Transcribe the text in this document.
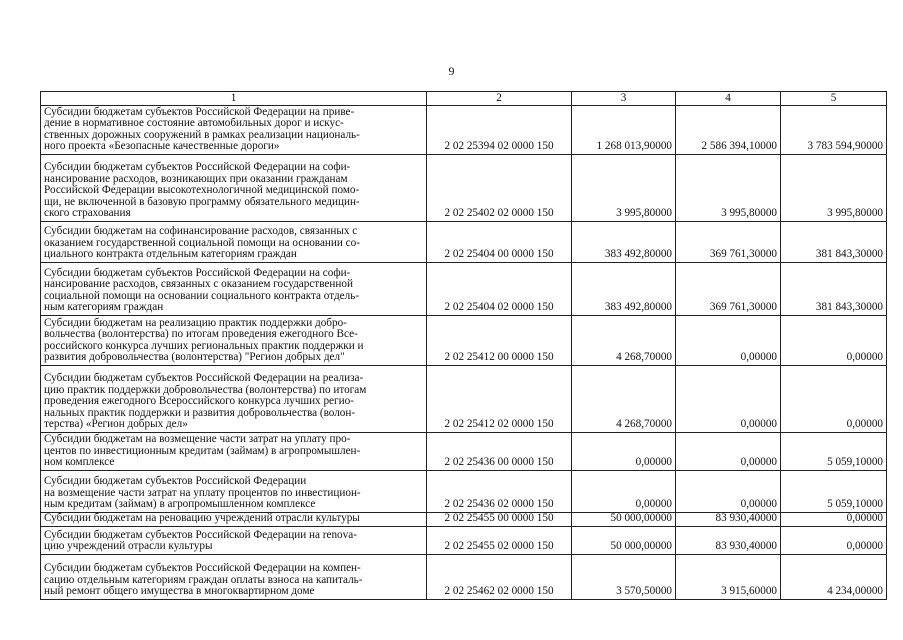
9
1	2	3	4	5

Субсидии бюджетам субъектов Российской Федерации на приве-
дение в нормативное состояние автомобильных дорог и искус-
ственных дорожных сооружений в рамках реализации националь-
ного проекта «Безопасные качественные дороги»	2 02 25394 02 0000 150	1 268 013,90000	2 586 394,10000	3 783 594,90000

Субсидии бюджетам субъектов Российской Федерации на софи-
нансирование расходов, возникающих при оказании гражданам
Российской Федерации высокотехнологичной медицинской помо-
щи, не включенной в базовую программу обязательного медицин-
ского страхования	2 02 25402 02 0000 150	3 995,80000	3 995,80000	3 995,80000

Субсидии бюджетам на софинансирование расходов, связанных с
оказанием государственной социальной помощи на основании со-
циального контракта отдельным категориям граждан	2 02 25404 00 0000 150	383 492,80000	369 761,30000	381 843,30000

Субсидии бюджетам субъектов Российской Федерации на софи-
нансирование расходов, связанных с оказанием государственной
социальной помощи на основании социального контракта отдель-
ным категориям граждан	2 02 25404 02 0000 150	383 492,80000	369 761,30000	381 843,30000

Субсидии бюджетам на реализацию практик поддержки добро-
вольчества (волонтерства) по итогам проведения ежегодного Все-
российского конкурса лучших региональных практик поддержки и
развития добровольчества (волонтерства) "Регион добрых дел"	2 02 25412 00 0000 150	4 268,70000	0,00000	0,00000

Субсидии бюджетам субъектов Российской Федерации на реализа-
цию практик поддержки добровольчества (волонтерства) по итогам
проведения ежегодного Всероссийского конкурса лучших регио-
нальных практик поддержки и развития добровольчества (волон-
терства) «Регион добрых дел»	2 02 25412 02 0000 150	4 268,70000	0,00000	0,00000

Субсидии бюджетам на возмещение части затрат на уплату про-
центов по инвестиционным кредитам (займам) в агропромышлен-
ном комплексе	2 02 25436 00 0000 150	0,00000	0,00000	5 059,10000

Субсидии бюджетам субъектов Российской Федерации
на возмещение части затрат на уплату процентов по инвестицион-
ным кредитам (займам) в агропромышленном комплексе	2 02 25436 02 0000 150	0,00000	0,00000	5 059,10000

Субсидии бюджетам на реновацию учреждений отрасли культуры	2 02 25455 00 0000 150	50 000,00000	83 930,40000	0,00000

Субсидии бюджетам субъектов Российской Федерации на renova-
цию учреждений отрасли культуры	2 02 25455 02 0000 150	50 000,00000	83 930,40000	0,00000

Субсидии бюджетам субъектов Российской Федерации на компен-
сацию отдельным категориям граждан оплаты взноса на капиталь-
ный ремонт общего имущества в многоквартирном доме	2 02 25462 02 0000 150	3 570,50000	3 915,60000	4 234,00000
